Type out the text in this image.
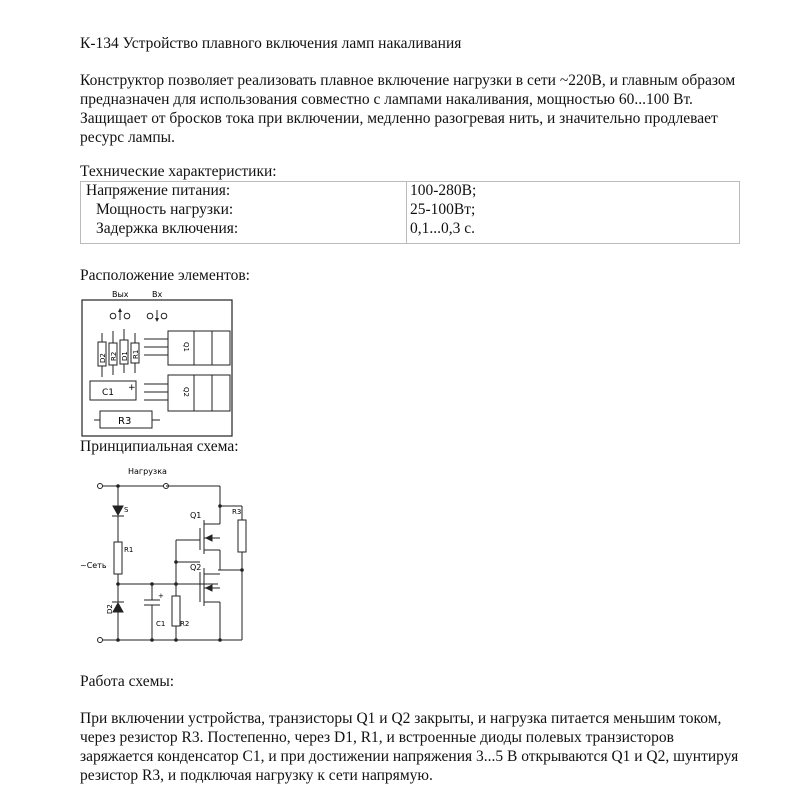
К-134 Устройство плавного включения ламп накаливания
Конструктор позволяет реализовать плавное включение нагрузки в сети ~220В, и главным образом предназначен для использования совместно с лампами накаливания, мощностью 60...100 Вт. Защищает от бросков тока при включении, медленно разогревая нить, и значительно продлевает ресурс лампы.
Технические характеристики:
Напряжение питания:	100-280В;
Мощность нагрузки:	25-100Вт;
Задержка включения:	0,1...0,3 с.
Расположение элементов:
Вых	Вх
D2 R2 D1 R1
Q1
Q2
C1 +
R3
Принципиальная схема:
Нагрузка
~Сеть
S
R1
D2
+
C1 R2
Q1
Q2
R3
Работа схемы:
При включении устройства, транзисторы Q1 и Q2 закрыты, и нагрузка питается меньшим током, через резистор R3. Постепенно, через D1, R1, и встроенные диоды полевых транзисторов заряжается конденсатор С1, и при достижении напряжения 3...5 В открываются Q1 и Q2, шунтируя резистор R3, и подключая нагрузку к сети напрямую.
